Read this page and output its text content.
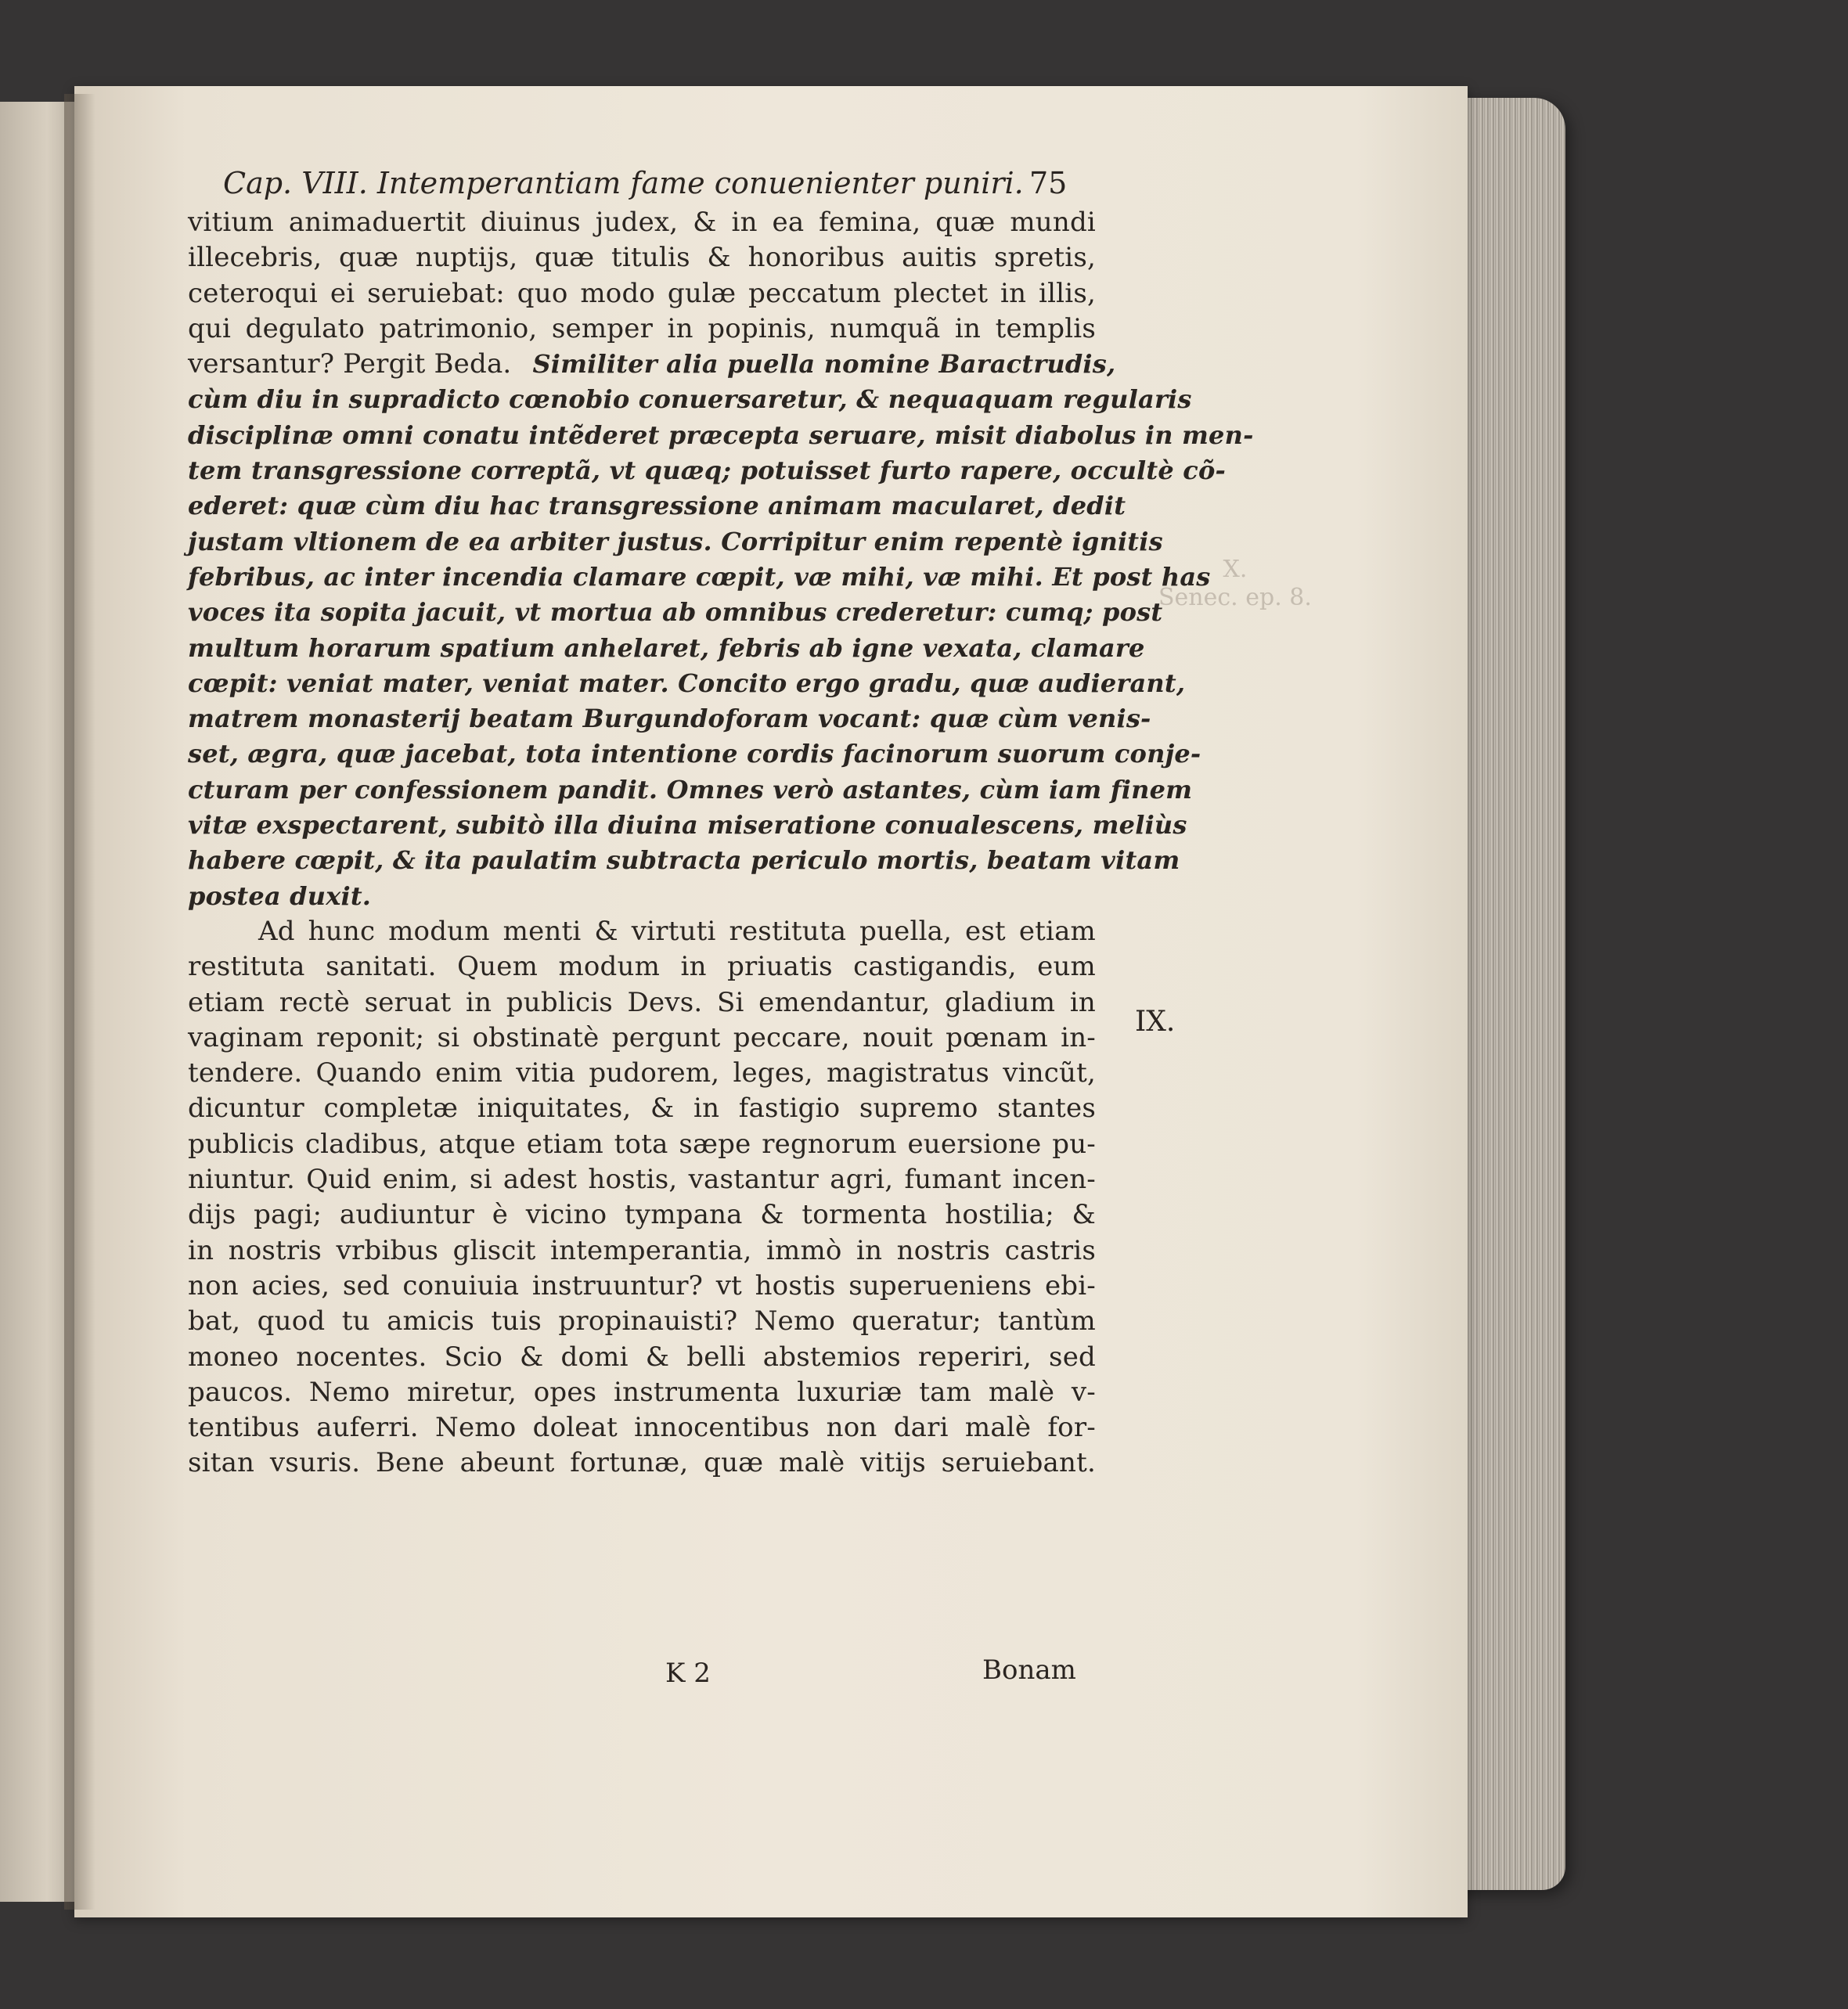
X.
Senec. ep. 8.
Cap. VIII. Intemperantiam fame conuenienter puniri. 75
vitium animaduertit diuinus judex, & in ea femina, quæ mundi
illecebris, quæ nuptijs, quæ titulis & honoribus auitis spretis,
ceteroqui ei seruiebat: quo modo gulæ peccatum plectet in illis,
qui degulato patrimonio, semper in popinis, numquã in templis
versantur? Pergit Beda. Similiter alia puella nomine Baractrudis,
cùm diu in supradicto cœnobio conuersaretur, & nequaquam regularis
disciplinæ omni conatu intẽderet præcepta seruare, misit diabolus in men-
tem transgressione correptã, vt quæq; potuisset furto rapere, occultè cõ-
ederet: quæ cùm diu hac transgressione animam macularet, dedit
justam vltionem de ea arbiter justus. Corripitur enim repentè ignitis
febribus, ac inter incendia clamare cœpit, væ mihi, væ mihi. Et post has
voces ita sopita jacuit, vt mortua ab omnibus crederetur: cumq; post
multum horarum spatium anhelaret, febris ab igne vexata, clamare
cœpit: veniat mater, veniat mater. Concito ergo gradu, quæ audierant,
matrem monasterij beatam Burgundoforam vocant: quæ cùm venis-
set, ægra, quæ jacebat, tota intentione cordis facinorum suorum conje-
cturam per confessionem pandit. Omnes verò astantes, cùm iam finem
vitæ exspectarent, subitò illa diuina miseratione conualescens, meliùs
habere cœpit, & ita paulatim subtracta periculo mortis, beatam vitam
postea duxit.
Ad hunc modum menti & virtuti restituta puella, est etiam
restituta sanitati. Quem modum in priuatis castigandis, eum
etiam rectè seruat in publicis Devs. Si emendantur, gladium in
vaginam reponit; si obstinatè pergunt peccare, nouit pœnam in-
tendere. Quando enim vitia pudorem, leges, magistratus vincũt,
dicuntur completæ iniquitates, & in fastigio supremo stantes
publicis cladibus, atque etiam tota sæpe regnorum euersione pu-
niuntur. Quid enim, si adest hostis, vastantur agri, fumant incen-
dijs pagi; audiuntur è vicino tympana & tormenta hostilia; &
in nostris vrbibus gliscit intemperantia, immò in nostris castris
non acies, sed conuiuia instruuntur? vt hostis superueniens ebi-
bat, quod tu amicis tuis propinauisti? Nemo queratur; tantùm
moneo nocentes. Scio & domi & belli abstemios reperiri, sed
paucos. Nemo miretur, opes instrumenta luxuriæ tam malè v-
tentibus auferri. Nemo doleat innocentibus non dari malè for-
sitan vsuris. Bene abeunt fortunæ, quæ malè vitijs seruiebant.
IX.
K 2	Bonam
